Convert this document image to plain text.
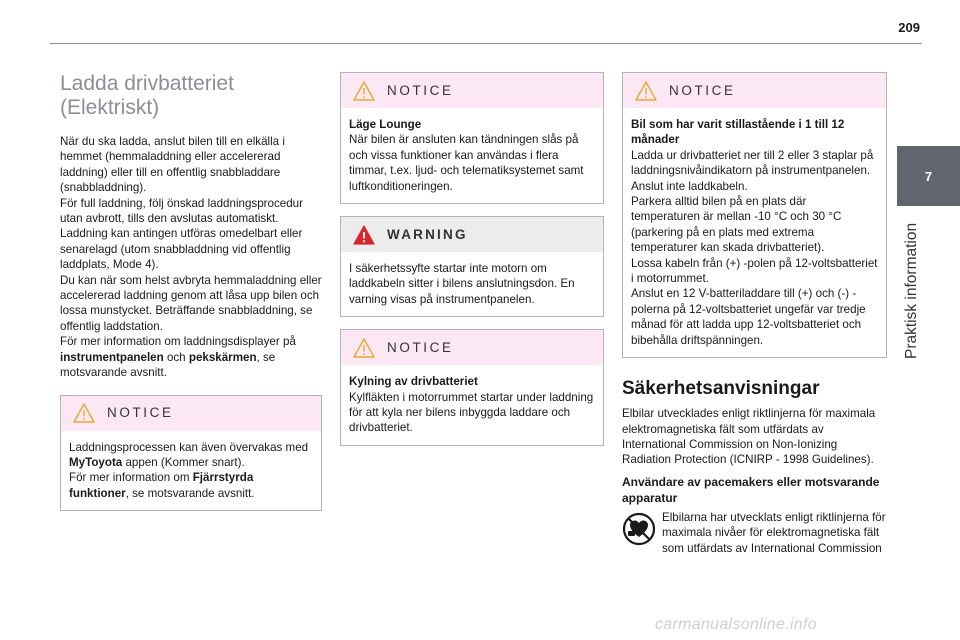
209
7
Praktisk information
Ladda drivbatteriet (Elektriskt)
När du ska ladda, anslut bilen till en elkälla i hemmet (hemmaladdning eller accelererad laddning) eller till en offentlig snabbladdare (snabbladdning).
För full laddning, följ önskad laddningsprocedur utan avbrott, tills den avslutas automatiskt.
Laddning kan antingen utföras omedelbart eller senarelagd (utom snabbladdning vid offentlig laddplats, Mode 4).
Du kan när som helst avbryta hemmaladdning eller accelererad laddning genom att låsa upp bilen och lossa munstycket. Beträffande snabbladdning, se offentlig laddstation.
För mer information om laddningsdisplayer på instrumentpanelen och pekskärmen, se motsvarande avsnitt.
NOTICE
Laddningsprocessen kan även övervakas med MyToyota appen (Kommer snart).
För mer information om Fjärrstyrda funktioner, se motsvarande avsnitt.
NOTICE
Läge Lounge
När bilen är ansluten kan tändningen slås på och vissa funktioner kan användas i flera timmar, t.ex. ljud- och telematiksystemet samt luftkonditioneringen.
WARNING
I säkerhetssyfte startar inte motorn om laddkabeln sitter i bilens anslutningsdon. En varning visas på instrumentpanelen.
NOTICE
Kylning av drivbatteriet
Kylfläkten i motorrummet startar under laddning för att kyla ner bilens inbyggda laddare och drivbatteriet.
NOTICE
Bil som har varit stillastående i 1 till 12 månader
Ladda ur drivbatteriet ner till 2 eller 3 staplar på laddningsnivåindikatorn på instrumentpanelen.
Anslut inte laddkabeln.
Parkera alltid bilen på en plats där temperaturen är mellan -10 °C och 30 °C (parkering på en plats med extrema temperaturer kan skada drivbatteriet).
Lossa kabeln från (+) -polen på 12-voltsbatteriet i motorrummet.
Anslut en 12 V-batteriladdare till (+) och (-) -polerna på 12-voltsbatteriet ungefär var tredje månad för att ladda upp 12-voltsbatteriet och bibehålla driftspänningen.
Säkerhetsanvisningar
Elbilar utvecklades enligt riktlinjerna för maximala elektromagnetiska fält som utfärdats av International Commission on Non-Ionizing Radiation Protection (ICNIRP - 1998 Guidelines).
Användare av pacemakers eller motsvarande apparatur
Elbilarna har utvecklats enligt riktlinjerna för maximala nivåer för elektromagnetiska fält som utfärdats av International Commission
carmanualsonline.info
